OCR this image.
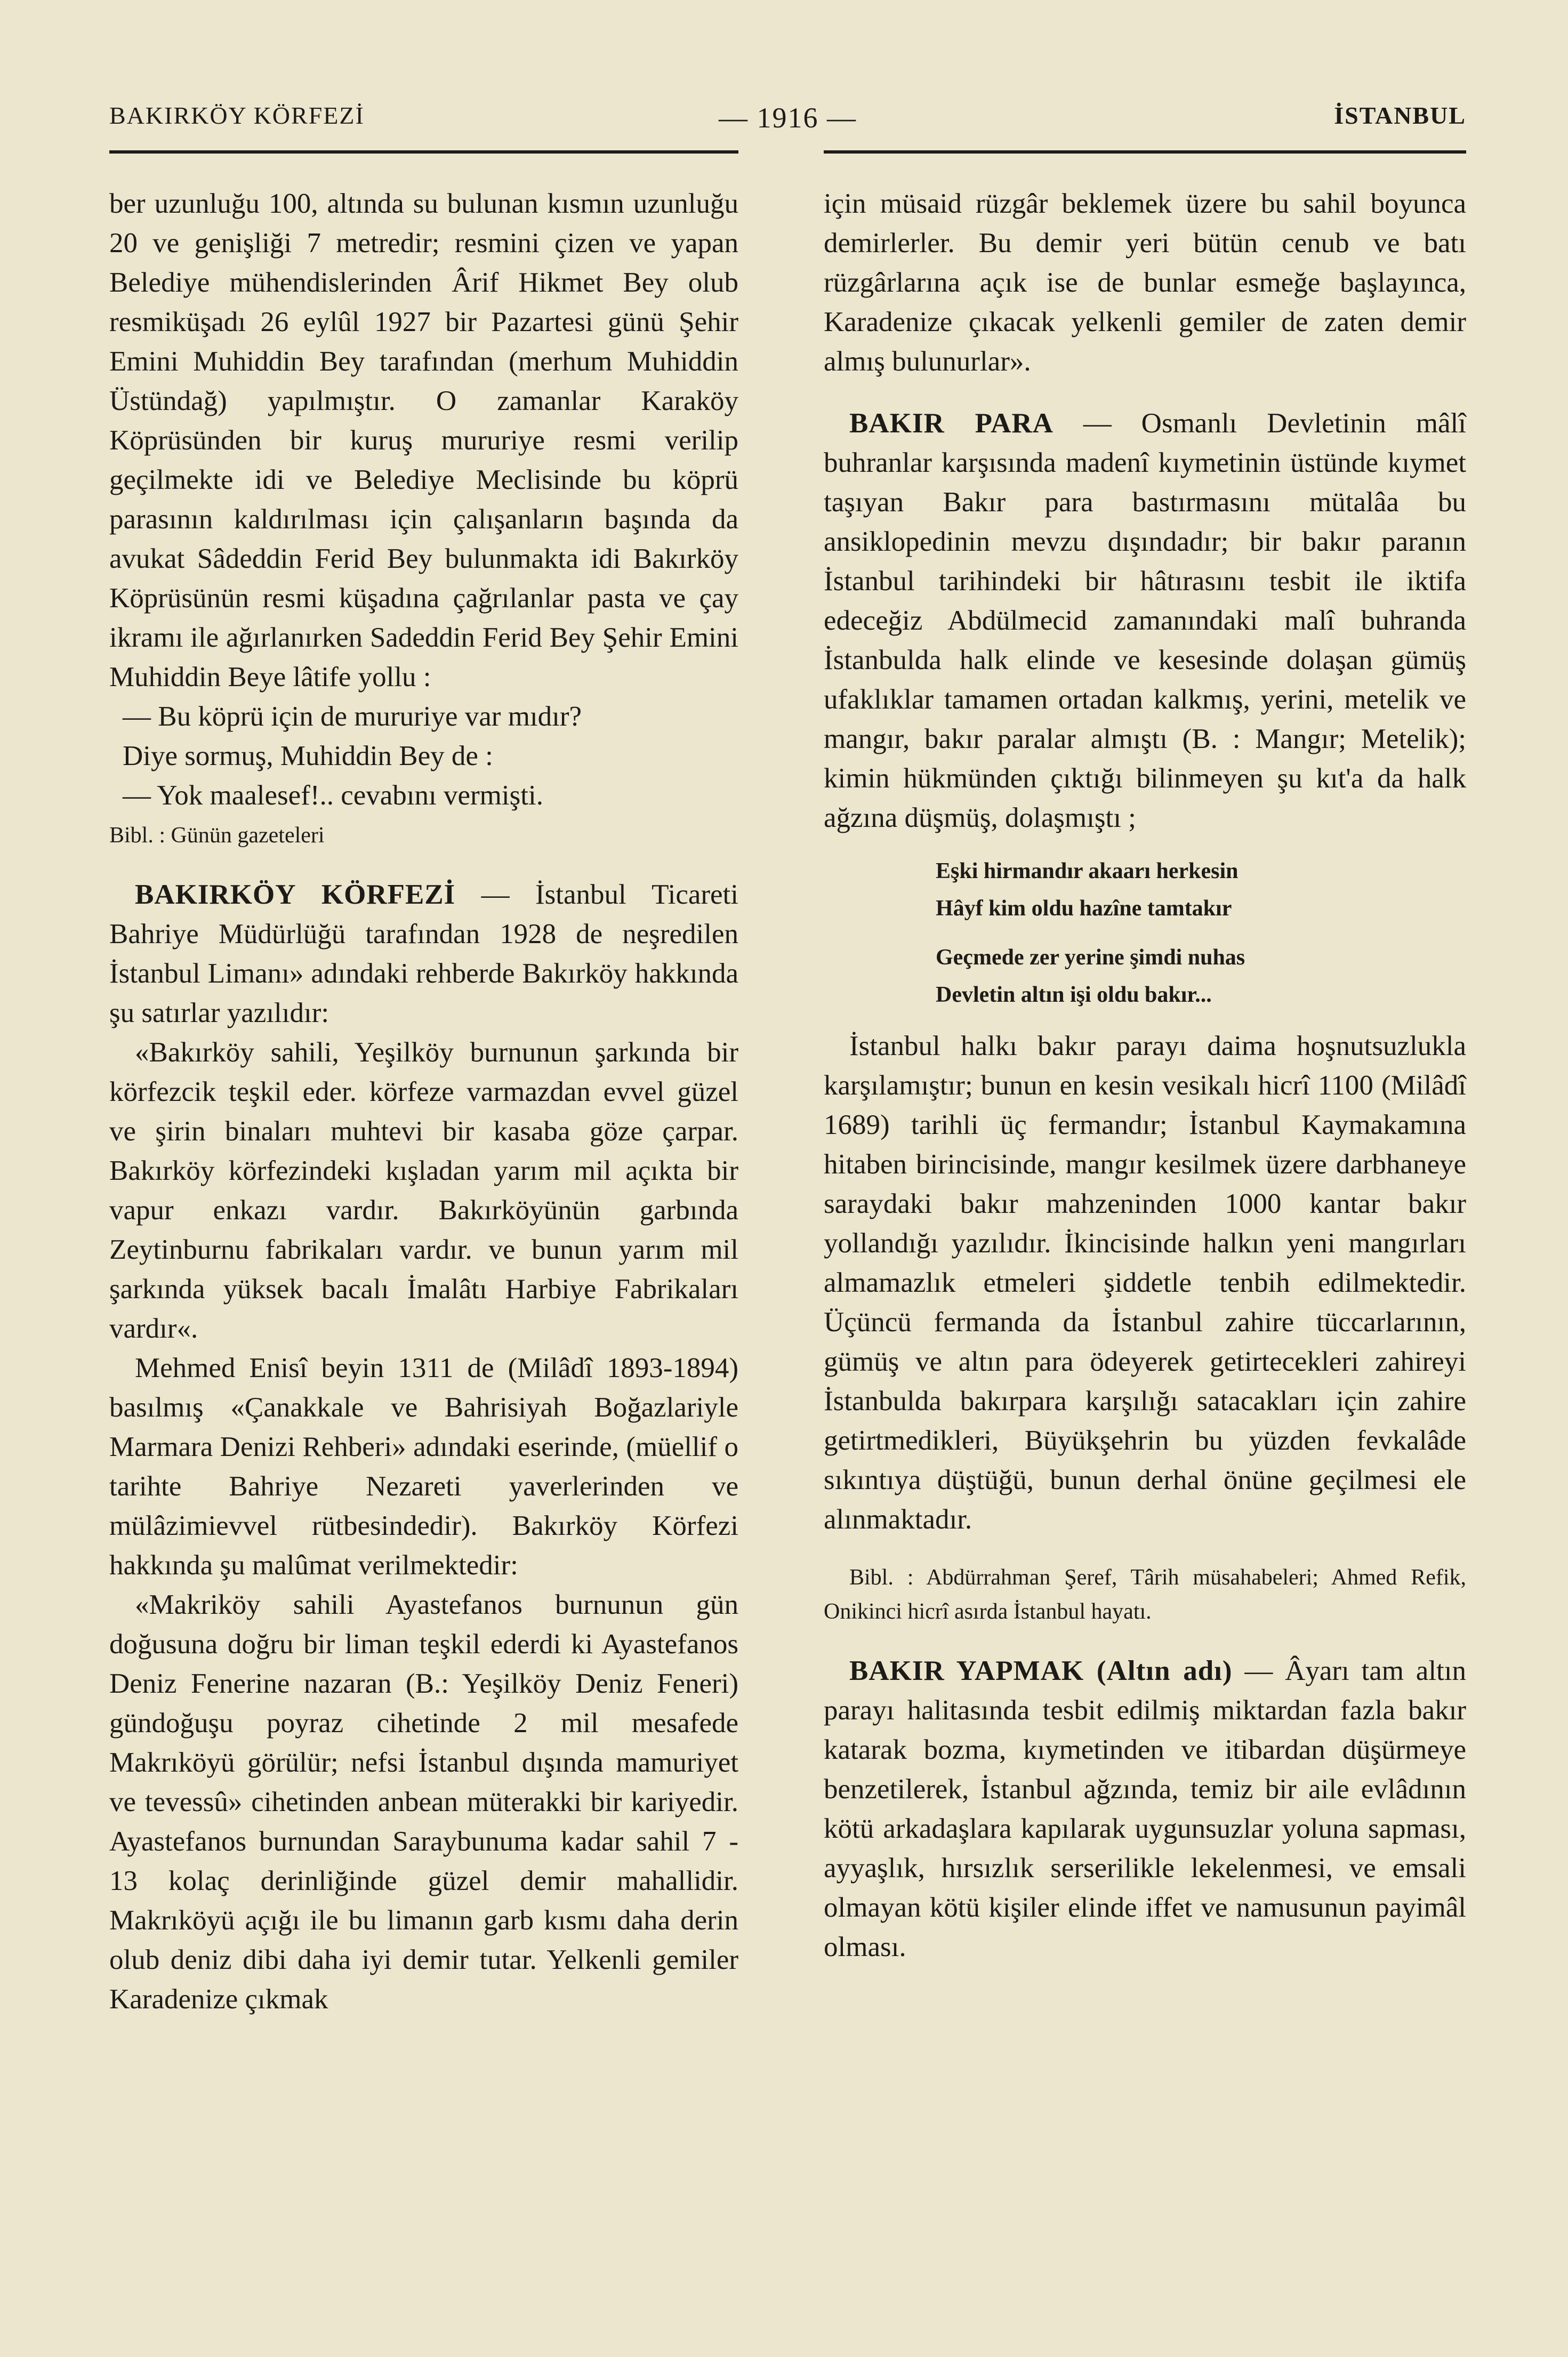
BAKIRKÖY KÖRFEZİ	— 1916 —	İSTANBUL

ber uzunluğu 100, altında su bulunan kısmın uzunluğu 20 ve genişliği 7 metredir; resmini çizen ve yapan Belediye mühendislerinden Ârif Hikmet Bey olub resmiküşadı 26 eylûl 1927 bir Pazartesi günü Şehir Emini Muhiddin Bey tarafından (merhum Muhiddin Üstündağ) yapılmıştır. O zamanlar Karaköy Köprüsünden bir kuruş mururiye resmi verilip geçilmekte idi ve Belediye Meclisinde bu köprü parasının kaldırılması için çalışanların başında da avukat Sâdeddin Ferid Bey bulunmakta idi Bakırköy Köprüsünün resmi küşadına çağrılanlar pasta ve çay ikramı ile ağırlanırken Sadeddin Ferid Bey Şehir Emini Muhiddin Beye lâtife yollu :

— Bu köprü için de mururiye var mıdır?

Diye sormuş, Muhiddin Bey de :

— Yok maalesef!.. cevabını vermişti.

Bibl. : Günün gazeteleri

BAKIRKÖY KÖRFEZİ — İstanbul Ticareti Bahriye Müdürlüğü tarafından 1928 de neşredilen İstanbul Limanı» adındaki rehberde Bakırköy hakkında şu satırlar yazılıdır:

«Bakırköy sahili, Yeşilköy burnunun şarkında bir körfezcik teşkil eder. körfeze varmazdan evvel güzel ve şirin binaları muhtevi bir kasaba göze çarpar. Bakırköy körfezindeki kışladan yarım mil açıkta bir vapur enkazı vardır. Bakırköyünün garbında Zeytinburnu fabrikaları vardır. ve bunun yarım mil şarkında yüksek bacalı İmalâtı Harbiye Fabrikaları vardır«.

Mehmed Enisî beyin 1311 de (Milâdî 1893-1894) basılmış «Çanakkale ve Bahrisiyah Boğazlariyle Marmara Denizi Rehberi» adındaki eserinde, (müellif o tarihte Bahriye Nezareti yaverlerinden ve mülâzimievvel rütbesindedir). Bakırköy Körfezi hakkında şu malûmat verilmektedir:

«Makriköy sahili Ayastefanos burnunun gün doğusuna doğru bir liman teşkil ederdi ki Ayastefanos Deniz Fenerine nazaran (B.: Yeşilköy Deniz Feneri) gündoğuşu poyraz cihetinde 2 mil mesafede Makrıköyü görülür; nefsi İstanbul dışında mamuriyet ve tevessû» cihetinden anbean müterakki bir kariyedir. Ayastefanos burnundan Saraybunuma kadar sahil 7 - 13 kolaç derinliğinde güzel demir mahallidir. Makrıköyü açığı ile bu limanın garb kısmı daha derin olub deniz dibi daha iyi demir tutar. Yelkenli gemiler Karadenize çıkmak

için müsaid rüzgâr beklemek üzere bu sahil boyunca demirlerler. Bu demir yeri bütün cenub ve batı rüzgârlarına açık ise de bunlar esmeğe başlayınca, Karadenize çıkacak yelkenli gemiler de zaten demir almış bulunurlar».

BAKIR PARA — Osmanlı Devletinin mâlî buhranlar karşısında madenî kıymetinin üstünde kıymet taşıyan Bakır para bastırmasını mütalâa bu ansiklopedinin mevzu dışındadır; bir bakır paranın İstanbul tarihindeki bir hâtırasını tesbit ile iktifa edeceğiz Abdülmecid zamanındaki malî buhranda İstanbulda halk elinde ve kesesinde dolaşan gümüş ufaklıklar tamamen ortadan kalkmış, yerini, metelik ve mangır, bakır paralar almıştı (B. : Mangır; Metelik); kimin hükmünden çıktığı bilinmeyen şu kıt'a da halk ağzına düşmüş, dolaşmıştı ;

Eşki hirmandır akaarı herkesin
Hâyf kim oldu hazîne tamtakır
Geçmede zer yerine şimdi nuhas
Devletin altın işi oldu bakır...

İstanbul halkı bakır parayı daima hoşnutsuzlukla karşılamıştır; bunun en kesin vesikalı hicrî 1100 (Milâdî 1689) tarihli üç fermandır; İstanbul Kaymakamına hitaben birincisinde, mangır kesilmek üzere darbhaneye saraydaki bakır mahzeninden 1000 kantar bakır yollandığı yazılıdır. İkincisinde halkın yeni mangırları almamazlık etmeleri şiddetle tenbih edilmektedir. Üçüncü fermanda da İstanbul zahire tüccarlarının, gümüş ve altın para ödeyerek getirtecekleri zahireyi İstanbulda bakırpara karşılığı satacakları için zahire getirtmedikleri, Büyükşehrin bu yüzden fevkalâde sıkıntıya düştüğü, bunun derhal önüne geçilmesi ele alınmaktadır.

Bibl. : Abdürrahman Şeref, Târih müsahabeleri; Ahmed Refik, Onikinci hicrî asırda İstanbul hayatı.

BAKIR YAPMAK (Altın adı) — Âyarı tam altın parayı halitasında tesbit edilmiş miktardan fazla bakır katarak bozma, kıymetinden ve itibardan düşürmeye benzetilerek, İstanbul ağzında, temiz bir aile evlâdının kötü arkadaşlara kapılarak uygunsuzlar yoluna sapması, ayyaşlık, hırsızlık serserilikle lekelenmesi, ve emsali olmayan kötü kişiler elinde iffet ve namusunun payimâl olması.
